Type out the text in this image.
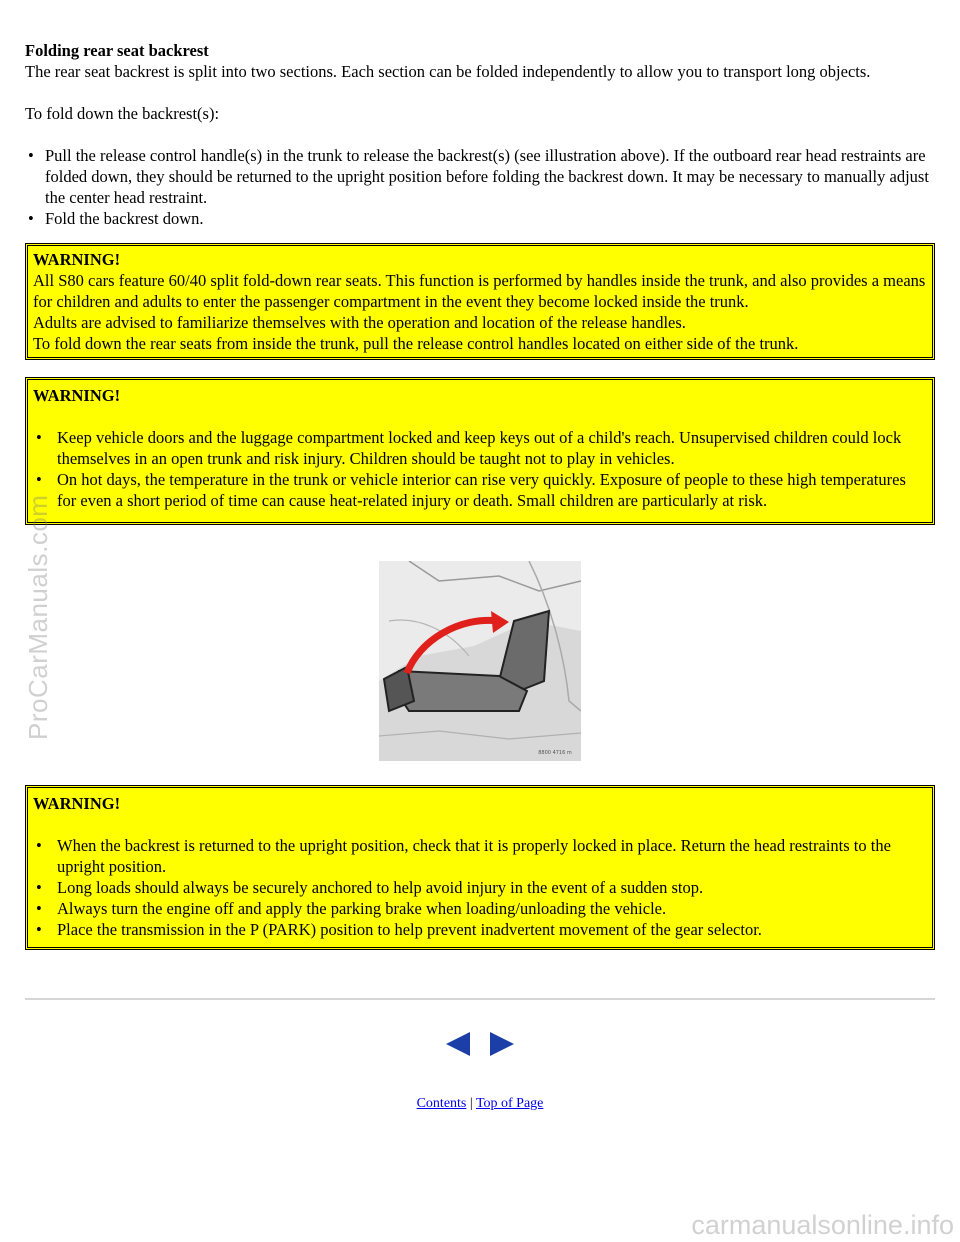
Folding rear seat backrest

The rear seat backrest is split into two sections. Each section can be folded independently to allow you to transport long objects.

To fold down the backrest(s):

• Pull the release control handle(s) in the trunk to release the backrest(s) (see illustration above). If the outboard rear head restraints are folded down, they should be returned to the upright position before folding the backrest down. It may be necessary to manually adjust the center head restraint.
• Fold the backrest down.

WARNING!

All S80 cars feature 60/40 split fold-down rear seats. This function is performed by handles inside the trunk, and also provides a means for children and adults to enter the passenger compartment in the event they become locked inside the trunk.

Adults are advised to familiarize themselves with the operation and location of the release handles.

To fold down the rear seats from inside the trunk, pull the release control handles located on either side of the trunk.

WARNING!

• Keep vehicle doors and the luggage compartment locked and keep keys out of a child's reach. Unsupervised children could lock themselves in an open trunk and risk injury. Children should be taught not to play in vehicles.
• On hot days, the temperature in the trunk or vehicle interior can rise very quickly. Exposure of people to these high temperatures for even a short period of time can cause heat-related injury or death. Small children are particularly at risk.
8800 4716 m

WARNING!

• When the backrest is returned to the upright position, check that it is properly locked in place. Return the head restraints to the upright position.
• Long loads should always be securely anchored to help avoid injury in the event of a sudden stop.
• Always turn the engine off and apply the parking brake when loading/unloading the vehicle.
• Place the transmission in the P (PARK) position to help prevent inadvertent movement of the gear selector.

Contents | Top of Page
ProCarManuals.com
carmanualsonline.info
